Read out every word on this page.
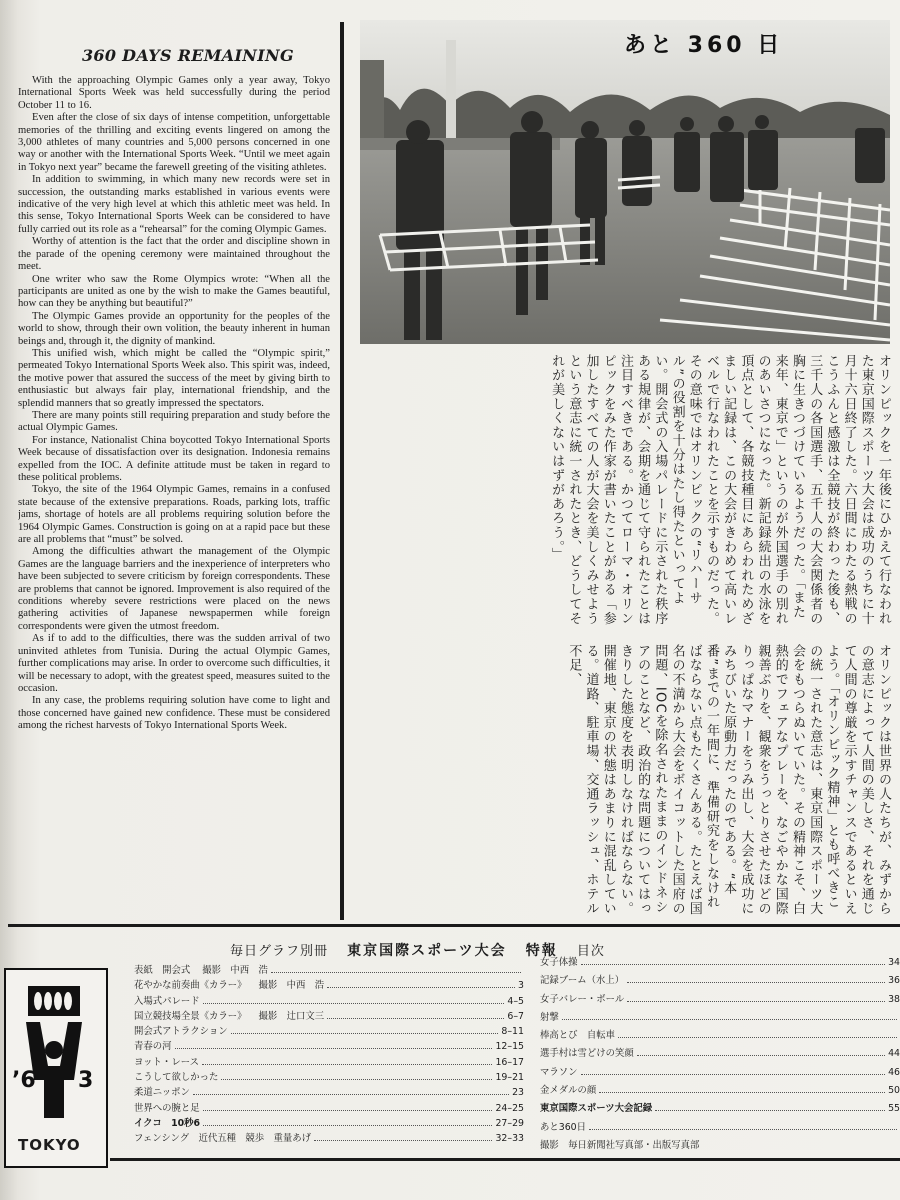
360 DAYS REMAINING

With the approaching Olympic Games only a year away, Tokyo International Sports Week was held successfully during the period October 11 to 16.

Even after the close of six days of intense competition, unforgettable memories of the thrilling and exciting events lingered on among the 3,000 athletes of many countries and 5,000 persons concerned in one way or another with the International Sports Week. “Until we meet again in Tokyo next year” became the farewell greeting of the visiting athletes.

In addition to swimming, in which many new records were set in succession, the outstanding marks established in various events were indicative of the very high level at which this athletic meet was held. In this sense, Tokyo International Sports Week can be considered to have fully carried out its role as a “rehearsal” for the coming Olympic Games.

Worthy of attention is the fact that the order and discipline shown in the parade of the opening ceremony were maintained throughout the meet.

One writer who saw the Rome Olympics wrote: “When all the participants are united as one by the wish to make the Games beautiful, how can they be anything but beautiful?”

The Olympic Games provide an opportunity for the peoples of the world to show, through their own volition, the beauty inherent in human beings and, through it, the dignity of mankind.

This unified wish, which might be called the “Olympic spirit,” permeated Tokyo International Sports Week also. This spirit was, indeed, the motive power that assured the success of the meet by giving birth to enthusiastic but always fair play, international friendship, and the splendid manners that so greatly impressed the spectators.

There are many points still requiring preparation and study before the actual Olympic Games.

For instance, Nationalist China boycotted Tokyo International Sports Week because of dissatisfaction over its designation. Indonesia remains expelled from the IOC. A definite attitude must be taken in regard to these political problems.

Tokyo, the site of the 1964 Olympic Games, remains in a confused state because of the extensive preparations. Roads, parking lots, traffic jams, shortage of hotels are all problems requiring solution before the 1964 Olympic Games. Construction is going on at a rapid pace but these are all problems that “must” be solved.

Among the difficulties athwart the management of the Olympic Games are the language barriers and the inexperience of interpreters who have been subjected to severe criticism by foreign correspondents. These are problems that cannot be ignored. Improvement is also required of the conditions whereby severe restrictions were placed on the news gathering activities of Japanese newspapermen while foreign correspondents were given the utmost freedom.

As if to add to the difficulties, there was the sudden arrival of two uninvited athletes from Tunisia. During the actual Olympic Games, further complications may arise. In order to overcome such difficulties, it will be necessary to adopt, with the greatest speed, measures suited to the occasion.

In any case, the problems requiring solution have come to light and those concerned have gained new confidence. These must be considered among the richest harvests of Tokyo International Sports Week.

あと 360 日
オリンピックを一年後にひかえて行なわれた東京国際スポーツ大会は成功のうちに十月十六日終了した。六日間にわたる熱戦のこうふんと感激は全競技が終わった後も、三千人の各国選手、五千人の大会関係者の胸に生きつづけているようだった。「また来年、東京で」というのが外国選手の別れのあいさつになった。新記録続出の水泳を頂点として、各競技種目にあらわれためざましい記録は、この大会がきわめて高いレベルで行なわれたことを示すものだった。その意味ではオリンピックの“リハーサル”の役割を十分はたし得たといってよい。開会式の入場パレードに示された秩序ある規律が、会期を通じて守られたことは注目すべきである。かつてローマ・オリンピックをみた作家が書いたことがある「参加したすべての人が大会を美しくみせようという意志に統一されたとき、どうしてそれが美しくないはずがあろう。」
オリンピックは世界の人たちが、みずからの意志によって人間の美しさ、それを通じて人間の尊厳を示すチャンスであるといえよう。「オリンピック精神」とも呼べきこの統一された意志は、東京国際スポーツ大会をもつらぬいていた。その精神こそ、白熱的でフェアなプレーを、なごやかな国際親善ぶりを、観衆をうっとりさせたほどのりっぱなマナーをうみ出し、大会を成功にみちびいた原動力だったのである。“本番”までの一年間に、準備研究をしなければならない点もたくさんある。たとえば国名の不満から大会をボイコットした国府の問題、IOCを除名されたままのインドネシアのことなど、政治的な問題についてはっきりした態度を表明しなければならない。開催地、東京の状態はあまりに混乱している。道路、駐車場、交通ラッシュ、ホテル不足、
毎日グラフ別冊 東京国際スポーツ大会 特報 目次
’6 3
TOKYO
表紙　開会式 撮影　中西　浩
花やかな前奏曲《カラー》 撮影　中西　浩	3
入場式パレード	4–5
国立競技場全景《カラー》 撮影　辻口文三	6–7
開会式アトラクション	8–11
青春の河	12–15
ヨット・レース	16–17
こうして欲しかった	19–21
柔道ニッポン	23
世界への腕と足	24–25
イクコ　10秒6	27–29
フェンシング　近代五種　競歩　重量あげ	32–33
女子体操	34
記録ブーム（水上）	36
女子バレー・ボール	38
射撃
棒高とび　自転車
選手村は雪どけの笑顔	44
マラソン	46
金メダルの顔	50
東京国際スポーツ大会記録	55
あと360日
撮影　毎日新聞社写真部・出版写真部
